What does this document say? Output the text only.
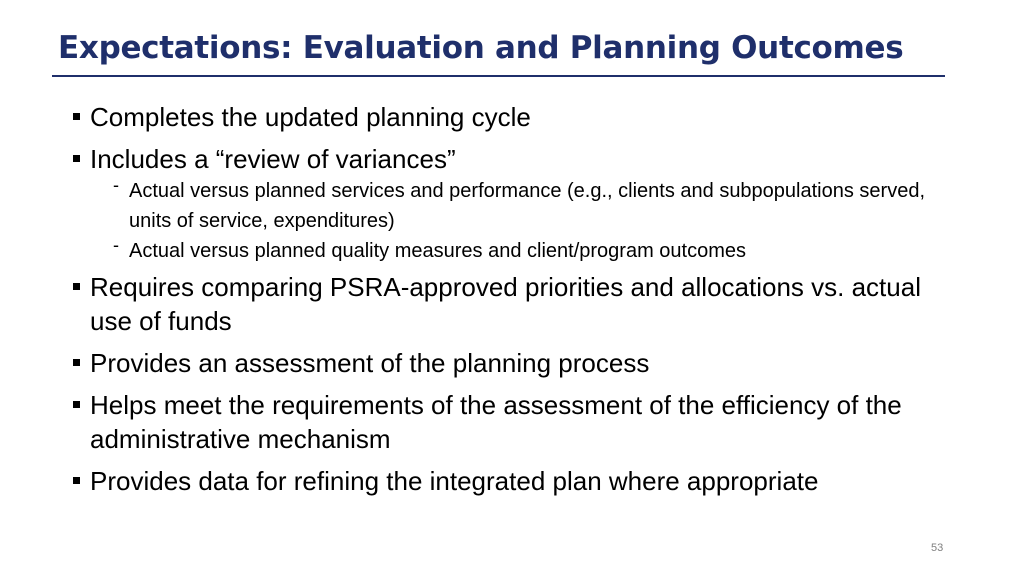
Expectations: Evaluation and Planning Outcomes
Completes the updated planning cycle
Includes a “review of variances”
- Actual versus planned services and performance (e.g., clients and subpopulations served, units of service, expenditures)
- Actual versus planned quality measures and client/program outcomes
Requires comparing PSRA-approved priorities and allocations vs. actual use of funds
Provides an assessment of the planning process
Helps meet the requirements of the assessment of the efficiency of the administrative mechanism
Provides data for refining the integrated plan where appropriate
53
